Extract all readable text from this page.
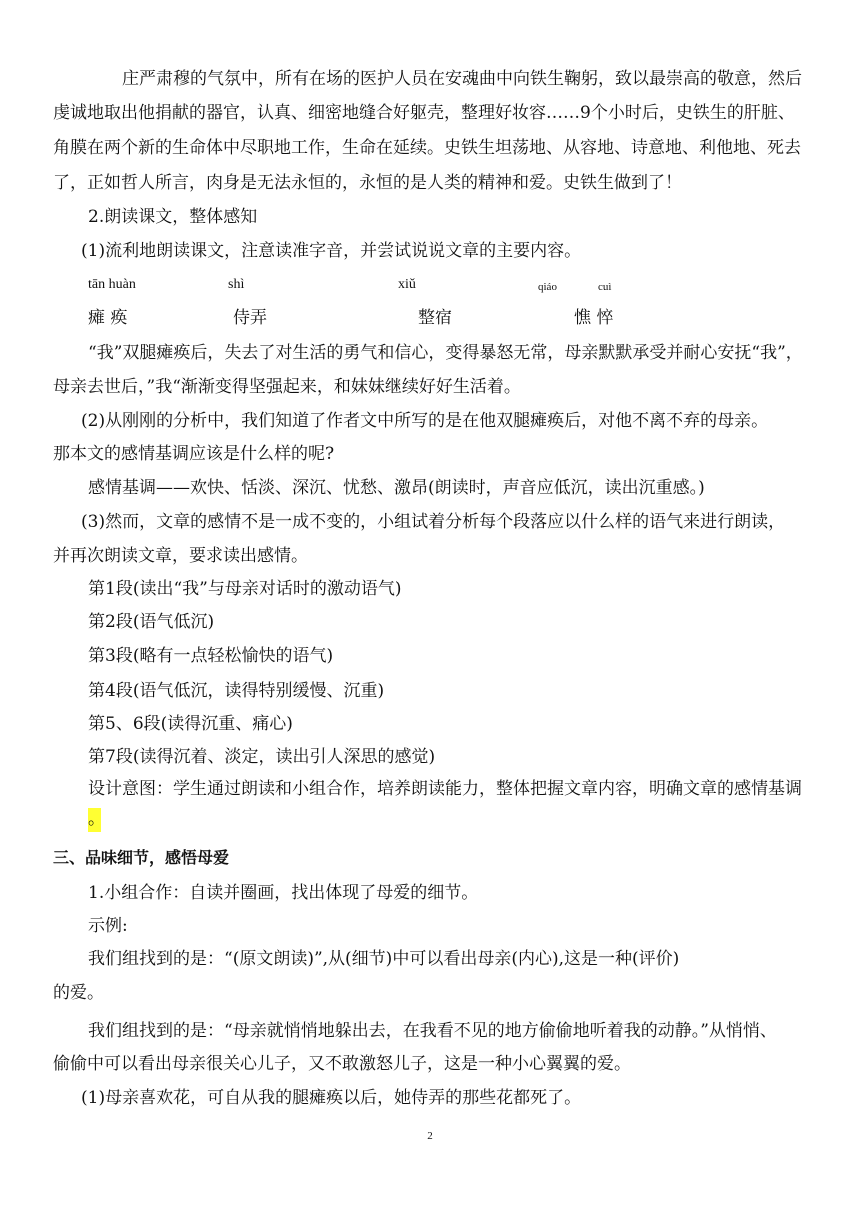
庄严肃穆的气氛中，所有在场的医护人员在安魂曲中向铁生鞠躬，致以最崇高的敬意，然后
虔诚地取出他捐献的器官，认真、细密地缝合好躯壳，整理好妆容……9个小时后，史铁生的肝脏、
角膜在两个新的生命体中尽职地工作，生命在延续。史铁生坦荡地、从容地、诗意地、利他地、死去
了，正如哲人所言，肉身是无法永恒的，永恒的是人类的精神和爱。史铁生做到了！
2.朗读课文，整体感知
(1)流利地朗读课文，注意读准字音，并尝试说说文章的主要内容。
tān huàn	shì	xiǔ	qiáo	cuì
瘫 痪	侍弄	整宿	憔 悴
“我”双腿瘫痪后，失去了对生活的勇气和信心，变得暴怒无常，母亲默默承受并耐心安抚“我”，
母亲去世后，”我“渐渐变得坚强起来，和妹妹继续好好生活着。
(2)从刚刚的分析中，我们知道了作者文中所写的是在他双腿瘫痪后，对他不离不弃的母亲。
那本文的感情基调应该是什么样的呢?
感情基调——欢快、恬淡、深沉、忧愁、激昂(朗读时，声音应低沉，读出沉重感。)
(3)然而，文章的感情不是一成不变的，小组试着分析每个段落应以什么样的语气来进行朗读，
并再次朗读文章，要求读出感情。
第1段(读出“我”与母亲对话时的激动语气)
第2段(语气低沉)
第3段(略有一点轻松愉快的语气)
第4段(语气低沉，读得特别缓慢、沉重)
第5、6段(读得沉重、痛心)
第7段(读得沉着、淡定，读出引人深思的感觉)
设计意图：学生通过朗读和小组合作，培养朗读能力，整体把握文章内容，明确文章的感情基调
。
三、品味细节，感悟母爱
1.小组合作：自读并圈画，找出体现了母爱的细节。
示例:
我们组找到的是：“(原文朗读)”,从(细节)中可以看出母亲(内心),这是一种(评价)
的爱。
我们组找到的是：“母亲就悄悄地躲出去，在我看不见的地方偷偷地听着我的动静。”从悄悄、
偷偷中可以看出母亲很关心儿子，又不敢激怒儿子，这是一种小心翼翼的爱。
(1)母亲喜欢花，可自从我的腿瘫痪以后，她侍弄的那些花都死了。
2
